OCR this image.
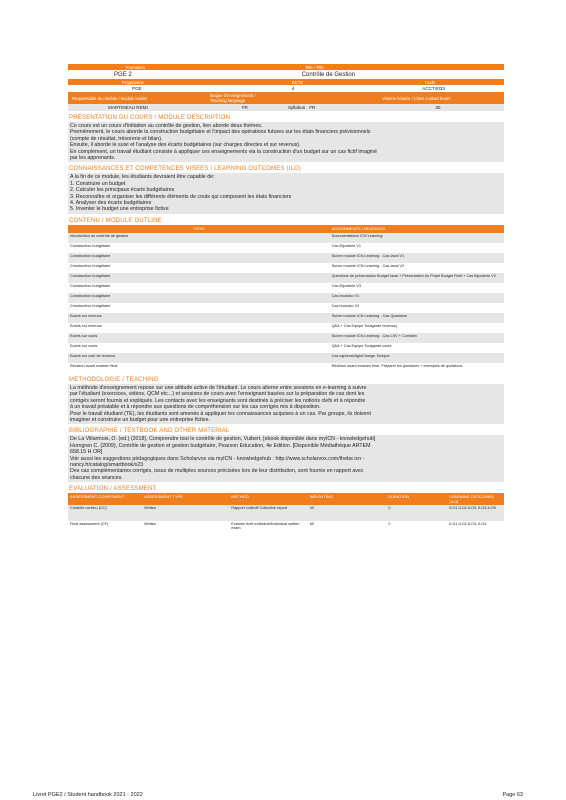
Formation	Title / Title
PGE 2	Contrôle de Gestion
Programme	ECTS	Code
PGE	4	ACCT4033
Responsable du module / Module leader	langue d'enseignement / Teaching language	Volume horaire / Class contact hours
MARTINEAU REMI	FR	Syllabus FR	30
PRÉSENTATION DU COURS / MODULE DESCRIPTION
Ce cours est un cours d'initiation au contrôle de gestion, lien aborde deux thèmes.
Premièrement, le cours aborde la construction budgétaire et l'impact des opérations futures sur les états financiers prévisionnels
(compte de résultat, trésorerie et bilan).
Ensuite, il aborde le suivi et l'analyse des écarts budgétaires (sur charges directes et sur revenus).
En complément, un travail étudiant consiste à appliquer ces enseignements via la construction d'un budget sur un cas fictif imaginé
par les apprenants.
CONNAISSANCES ET COMPETENCES VISEES / LEARNING OUTCOMES (ILO)
A la fin de ce module, les étudiants devraient être capable de:
1. Construire un budget
2. Calculer les principaux écarts budgétaires
3. Reconnaître et organiser les différents éléments de couts qui composent les états financiers
4. Analyser des écarts budgétaires
5. Inventer le budget une entreprise fictive
CONTENU / MODULE OUTLINE
TOPIC	ASSIGNMENTS / READINGS
Introduction au contrôle de gestion	Documentations ICN Learning
Construction budgétaire	Cas Bijouterie V1
Construction budgétaire	Suivre module ICN Learning - Cas Iaval V1
Construction budgétaire	Suivre module ICN Learning - Cas Iaval V2
Construction budgétaire	Questions de présentation Budget Iaval + Présentation du Projet Budget Fictif + Cas Bijouterie V2
Construction budgétaire	Cas Bijouterie V3
Construction budgétaire	Cas Iecanico V1
Construction budgétaire	Cas Iecanico V2
Ecarts sur revenus	Suivre module ICN Learning - Cas Quadrese
Ecarts sur revenus	Q&A + Cas Equipe Toutgarde revenus)
Ecarts sur couts	Suivre module ICN Learning - Cas LSV + Comidex
Ecarts sur couts	Q&A + Cas Equipe Toutgarde couts
Ecarts sur coût de revenus	Cas capteurs/lightChange Tonique
Révision avant examen final	Révision avant examen final. Préparer les questions + exemples de questions
METHODOLOGIE / TEACHING
La méthode d'enseignement repose sur une attitude active de l'étudiant. Le cours alterne entre sessions en e-learning à suivre
par l'étudiant (exercices, vidéos, QCM etc...) et sessions de cours avec l'enseignant basées sur la préparation de cas dont les
corrigés seront fournis et expliqués. Les contacts avec les enseignants sont destinés à préciser les notions clefs et à répondre
à un travail préalable et à répondre aux questions de compréhension sur les cas corrigés mis à disposition.
Pour le travail étudiant (TE), les étudiants sont amenés à appliquer les connaissances acquises à un cas. Par groupe, ils doivent
imaginer et construire un budget pour une entreprise fictive.
BIBLIOGRAPHIE / TEXTBOOK AND OTHER MATERIAL
De La Villarmois, O. (ed.) (2018), Comprendre tout le contrôle de gestion, Vuibert, [ebook disponible dans myICN - knowledgehub]
Horngren C. (2009), Contrôle de gestion et gestion budgétaire, Pearson Education, 4e Edition. [Disponible Médiathèque ARTEM
658.15 H OR]
Voir aussi les suggestions pédagogiques dans Scholarvox via myICN - knowledgehub : http://www.scholarvox.com/thebe.icn -
nancy.fr/catalog/smartbook/s23
Des cas complémentaires corrigés, issus de multiples sources précisées lors de leur distribution, sont fournis en rapport avec
chacune des séances.
EVALUATION / ASSESSMENT
ASSESSMENT COMPONENT	ASSESSMENT TYPE	METHOD	WEIGHTING	DURATION	LEARNING OUTCOMES (ILO)
Contrôle continu (CC)	Written	Rapport collectif Collective report	40	0	ILO1,ILO2,ILO3, ILO4,ILO5
Final assessment (CF)	Written	Examen écrit individuel/individual written exam	60	2	ILO1,ILO2,ILO3, ILO4
Livret PGE2 / Student handbook 2021 - 2022	Page 63
